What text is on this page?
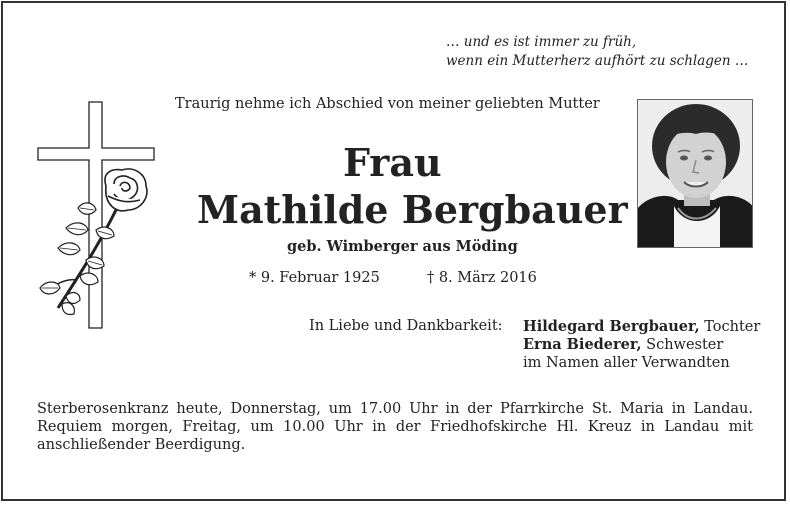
… und es ist immer zu früh,
wenn ein Mutterherz aufhört zu schlagen …
Traurig nehme ich Abschied von meiner geliebten Mutter
Frau
Mathilde Bergbauer
geb. Wimberger aus Möding
* 9. Februar 1925	† 8. März 2016
In Liebe und Dankbarkeit: Hildegard Bergbauer, Tochter
Erna Biederer, Schwester
im Namen aller Verwandten
Sterberosenkranz heute, Donnerstag, um 17.00 Uhr in der Pfarrkirche St. Maria in Landau.
Requiem morgen, Freitag, um 10.00 Uhr in der Friedhofskirche Hl. Kreuz in Landau mit
anschließender Beerdigung.
